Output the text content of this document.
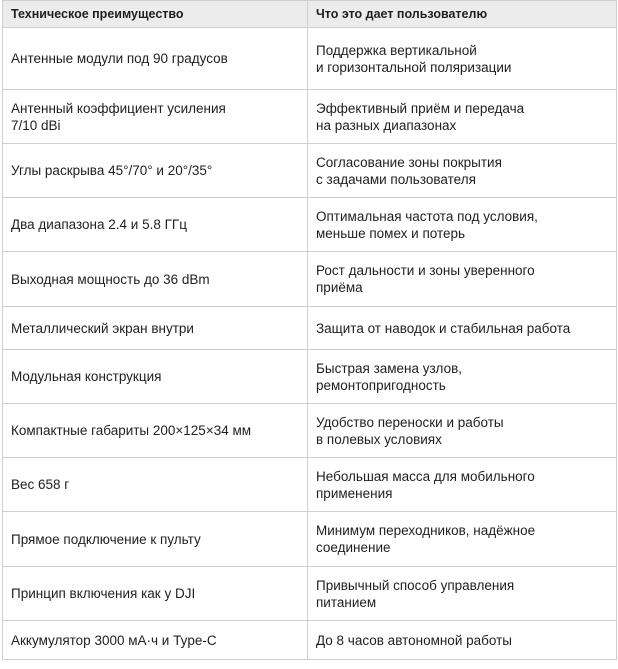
Техническое преимущество	Что это дает пользователю
Антенные модули под 90 градусов	Поддержка вертикальной
и горизонтальной поляризации
Антенный коэффициент усиления
7/10 dBi	Эффективный приём и передача
на разных диапазонах
Углы раскрыва 45°/70° и 20°/35°	Согласование зоны покрытия
с задачами пользователя
Два диапазона 2.4 и 5.8 ГГц	Оптимальная частота под условия,
меньше помех и потерь
Выходная мощность до 36 dBm	Рост дальности и зоны уверенного
приёма
Металлический экран внутри	Защита от наводок и стабильная работа
Модульная конструкция	Быстрая замена узлов,
ремонтопригодность
Компактные габариты 200×125×34 мм	Удобство переноски и работы
в полевых условиях
Вес 658 г	Небольшая масса для мобильного
применения
Прямое подключение к пульту	Минимум переходников, надёжное
соединение
Принцип включения как у DJI	Привычный способ управления
питанием
Аккумулятор 3000 мА·ч и Type-C	До 8 часов автономной работы
